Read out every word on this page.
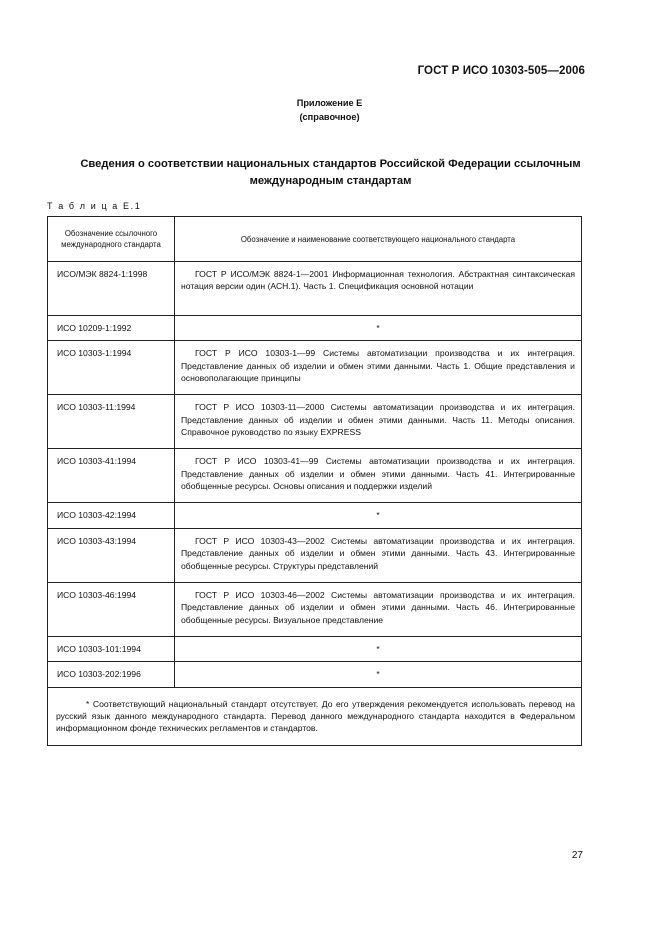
ГОСТ Р ИСО 10303-505—2006
Приложение Е
(справочное)
Сведения о соответствии национальных стандартов Российской Федерации ссылочным международным стандартам
Т а б л и ц а Е.1
Обозначение ссылочного международного стандарта	Обозначение и наименование соответствующего национального стандарта
ИСО/МЭК 8824-1:1998	ГОСТ Р ИСО/МЭК 8824-1—2001 Информационная технология. Абстрактная синтаксическая нотация версии один (АСН.1). Часть 1. Спецификация основной нотации

ИСО 10209-1:1992	*
ИСО 10303-1:1994	ГОСТ Р ИСО 10303-1—99 Системы автоматизации производства и их интеграция. Представление данных об изделии и обмен этими данными. Часть 1. Общие представления и основополагающие принципы

ИСО 10303-11:1994	ГОСТ Р ИСО 10303-11—2000 Системы автоматизации производства и их интеграция. Представление данных об изделии и обмен этими данными. Часть 11. Методы описания. Справочное руководство по языку EXPRESS

ИСО 10303-41:1994	ГОСТ Р ИСО 10303-41—99 Системы автоматизации производства и их интеграция. Представление данных об изделии и обмен этими данными. Часть 41. Интегрированные обобщенные ресурсы. Основы описания и поддержки изделий

ИСО 10303-42:1994	*
ИСО 10303-43:1994	ГОСТ Р ИСО 10303-43—2002 Системы автоматизации производства и их интеграция. Представление данных об изделии и обмен этими данными. Часть 43. Интегрированные обобщенные ресурсы. Структуры представлений

ИСО 10303-46:1994	ГОСТ Р ИСО 10303-46—2002 Системы автоматизации производства и их интеграция. Представление данных об изделии и обмен этими данными. Часть 46. Интегрированные обобщенные ресурсы. Визуальное представление

ИСО 10303-101:1994	*
ИСО 10303-202:1996	*

* Соответствующий национальный стандарт отсутствует. До его утверждения рекомендуется использовать перевод на русский язык данного международного стандарта. Перевод данного международного стандарта находится в Федеральном информационном фонде технических регламентов и стандартов.	
27
